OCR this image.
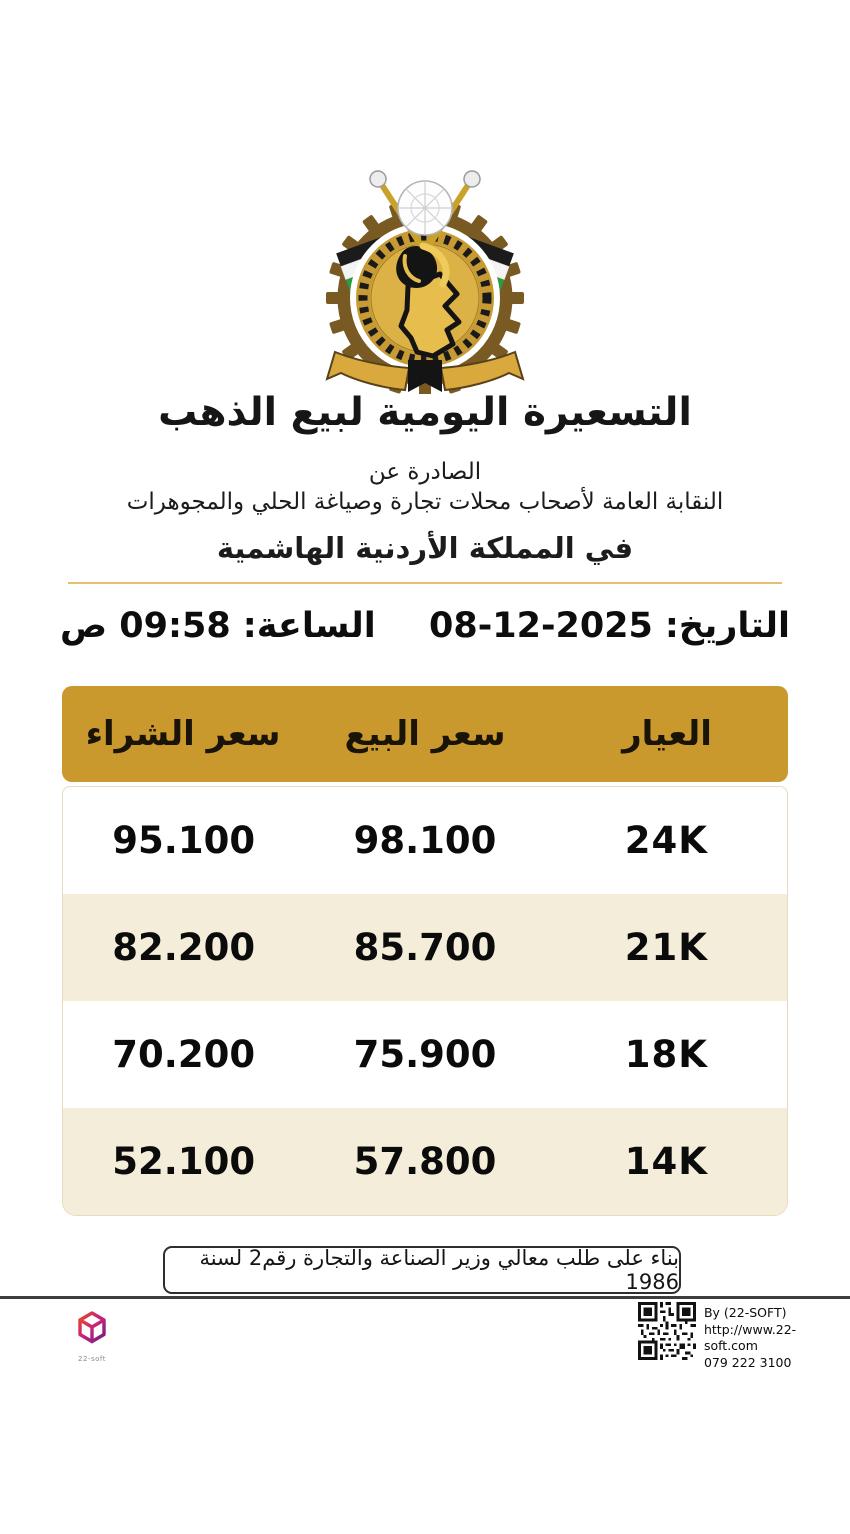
التسعيرة اليومية لبيع الذهب
الصادرة عن
النقابة العامة لأصحاب محلات تجارة وصياغة الحلي والمجوهرات
في المملكة الأردنية الهاشمية
التاريخ:
08-12-2025
الساعة:
09:58 ص
العيار
سعر البيع
سعر الشراء
24K
98.100
95.100
21K
85.700
82.200
18K
75.900
70.200
14K
57.800
52.100
بناء على طلب معالي وزير الصناعة والتجارة رقم2 لسنة 1986
22-soft
By (22-SOFT)
http://www.22-soft.com
079 222 3100
